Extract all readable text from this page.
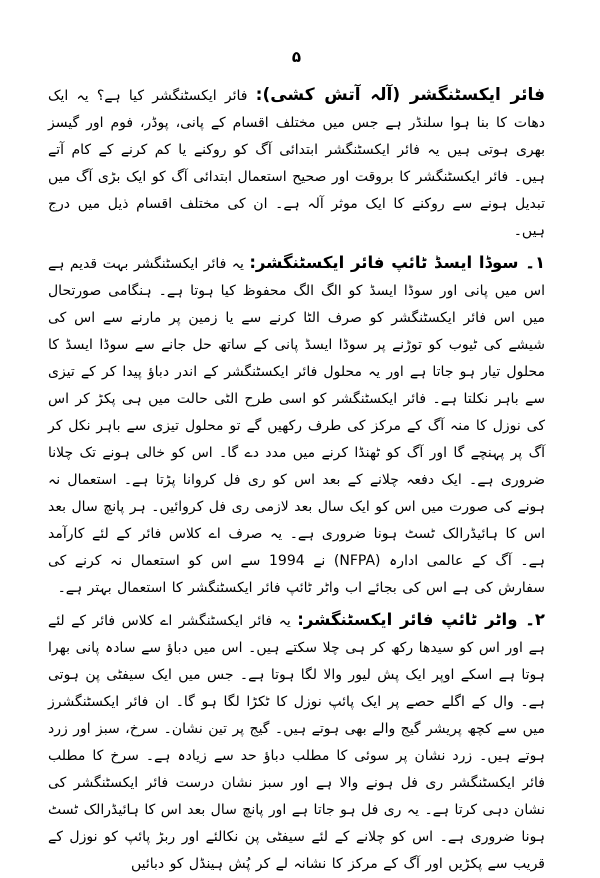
۵

فائر ایکسٹنگشر (آلہ آتش کشی): فائر ایکسٹنگشر کیا ہے؟ یہ ایک دھات کا بنا ہوا سلنڈر ہے جس میں مختلف اقسام کے پانی، پوڈر، فوم اور گیسز بھری ہوتی ہیں یہ فائر ایکسٹنگشر ابتدائی آگ کو روکنے یا کم کرنے کے کام آتے ہیں۔ فائر ایکسٹنگشر کا بروقت اور صحیح استعمال ابتدائی آگ کو ایک بڑی آگ میں تبدیل ہونے سے روکنے کا ایک موثر آلہ ہے۔ ان کی مختلف اقسام ذیل میں درج ہیں۔

۱۔ سوڈا ایسڈ ٹائپ فائر ایکسٹنگشر: یہ فائر ایکسٹنگشر بہت قدیم ہے اس میں پانی اور سوڈا ایسڈ کو الگ الگ محفوظ کیا ہوتا ہے۔ ہنگامی صورتحال میں اس فائر ایکسٹنگشر کو صرف الٹا کرنے سے یا زمین پر مارنے سے اس کی شیشے کی ٹیوب کو توڑنے پر سوڈا ایسڈ پانی کے ساتھ حل جانے سے سوڈا ایسڈ کا محلول تیار ہو جاتا ہے اور یہ محلول فائر ایکسٹنگشر کے اندر دباؤ پیدا کر کے تیزی سے باہر نکلتا ہے۔ فائر ایکسٹنگشر کو اسی طرح الٹی حالت میں ہی پکڑ کر اس کی نوزل کا منہ آگ کے مرکز کی طرف رکھیں گے تو محلول تیزی سے باہر نکل کر آگ پر پہنچے گا اور آگ کو ٹھنڈا کرنے میں مدد دے گا۔ اس کو خالی ہونے تک چلانا ضروری ہے۔ ایک دفعہ چلانے کے بعد اس کو ری فل کروانا پڑتا ہے۔ استعمال نہ ہونے کی صورت میں اس کو ایک سال بعد لازمی ری فل کروائیں۔ ہر پانچ سال بعد اس کا ہائیڈرالک ٹسٹ ہونا ضروری ہے۔ یہ صرف اے کلاس فائر کے لئے کارآمد ہے۔ آگ کے عالمی ادارہ (NFPA) نے 1994 سے اس کو استعمال نہ کرنے کی سفارش کی ہے اس کی بجائے اب واٹر ٹائپ فائر ایکسٹنگشر کا استعمال بہتر ہے۔

۲۔ واٹر ٹائپ فائر ایکسٹنگشر: یہ فائر ایکسٹنگشر اے کلاس فائر کے لئے ہے اور اس کو سیدھا رکھ کر ہی چلا سکتے ہیں۔ اس میں دباؤ سے سادہ پانی بھرا ہوتا ہے اسکے اوپر ایک پش لیور والا لگا ہوتا ہے۔ جس میں ایک سیفٹی پن ہوتی ہے۔ وال کے اگلے حصے پر ایک پائپ نوزل کا ٹکڑا لگا ہو گا۔ ان فائر ایکسٹنگشرز میں سے کچھ پریشر گیج والے بھی ہوتے ہیں۔ گیج پر تین نشان۔ سرخ، سبز اور زرد ہوتے ہیں۔ زرد نشان پر سوئی کا مطلب دباؤ حد سے زیادہ ہے۔ سرخ کا مطلب فائر ایکسٹنگشر ری فل ہونے والا ہے اور سبز نشان درست فائر ایکسٹنگشر کی نشان دہی کرتا ہے۔ یہ ری فل ہو جاتا ہے اور پانچ سال بعد اس کا ہائیڈرالک ٹسٹ ہونا ضروری ہے۔ اس کو چلانے کے لئے سیفٹی پن نکالئے اور ربڑ پائپ کو نوزل کے قریب سے پکڑیں اور آگ کے مرکز کا نشانہ لے کر پُش ہینڈل کو دبائیں
